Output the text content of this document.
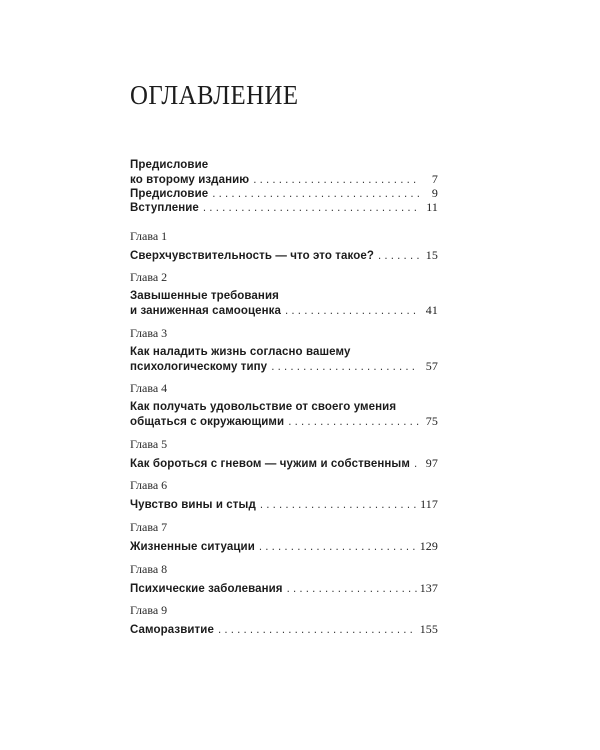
ОГЛАВЛЕНИЕ
Предисловие
ко второму изданию . . .	7
Предисловие . . .	9
Вступление . . .	11
Глава 1
Сверхчувствительность — что это такое? . . .	15
Глава 2
Завышенные требования
и заниженная самооценка . . .	41
Глава 3
Как наладить жизнь согласно вашему
психологическому типу . . .	57
Глава 4
Как получать удовольствие от своего умения
общаться с окружающими . . .	75
Глава 5
Как бороться с гневом — чужим и собственным . . .	97
Глава 6
Чувство вины и стыд . . .	117
Глава 7
Жизненные ситуации . . .	129
Глава 8
Психические заболевания . . .	137
Глава 9
Саморазвитие . . .	155
